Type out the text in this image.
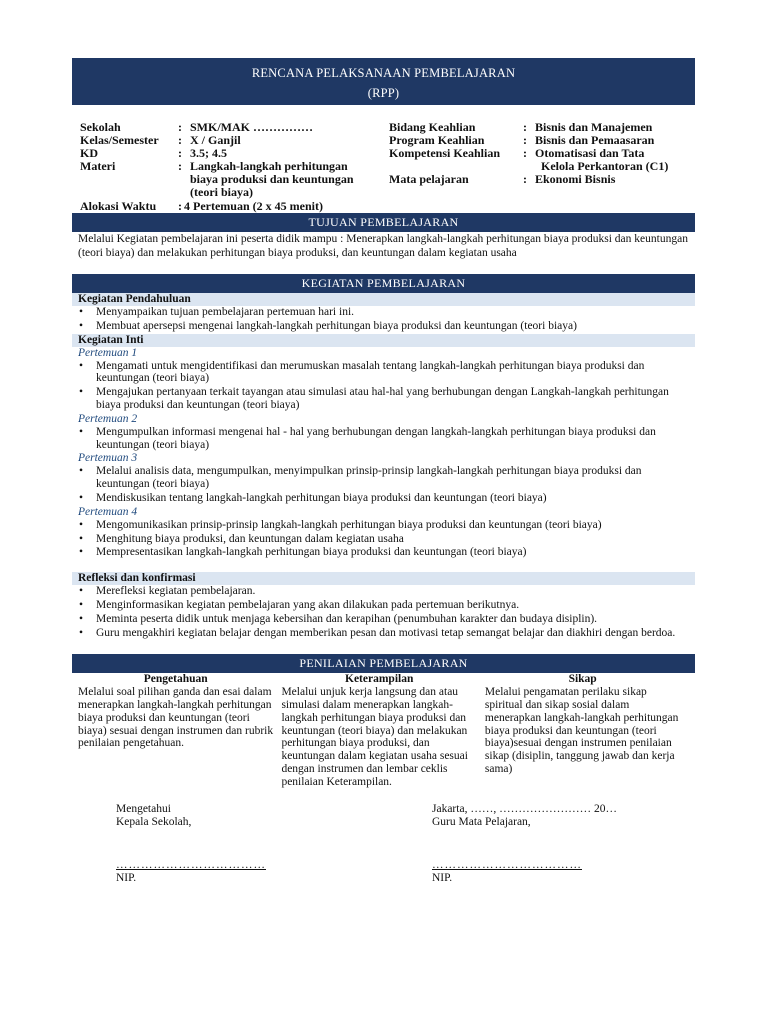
RENCANA PELAKSANAAN PEMBELAJARAN
(RPP)
Sekolah	: SMK/MAK ……………
Kelas/Semester : X / Ganjil
KD	: 3.5; 4.5
Materi	: Langkah-langkah perhitungan
biaya produksi dan keuntungan
(teori biaya)
Alokasi Waktu : 4 Pertemuan (2 x 45 menit)
Bidang Keahlian	: Bisnis dan Manajemen
Program Keahlian	: Bisnis dan Pemaasaran
Kompetensi Keahlian : Otomatisasi dan Tata
Kelola Perkantoran (C1)
Mata pelajaran	: Ekonomi Bisnis
TUJUAN PEMBELAJARAN
Melalui Kegiatan pembelajaran ini peserta didik mampu : Menerapkan langkah-langkah perhitungan biaya produksi dan keuntungan (teori biaya) dan melakukan perhitungan biaya produksi, dan keuntungan dalam kegiatan usaha
KEGIATAN PEMBELAJARAN
Kegiatan Pendahuluan
• Menyampaikan tujuan pembelajaran pertemuan hari ini.
• Membuat apersepsi mengenai langkah-langkah perhitungan biaya produksi dan keuntungan (teori biaya)
Kegiatan Inti
Pertemuan 1
• Mengamati untuk mengidentifikasi dan merumuskan masalah tentang langkah-langkah perhitungan biaya produksi dan keuntungan (teori biaya)
• Mengajukan pertanyaan terkait tayangan atau simulasi atau hal-hal yang berhubungan dengan Langkah-langkah perhitungan biaya produksi dan keuntungan (teori biaya)
Pertemuan 2
• Mengumpulkan informasi mengenai hal - hal yang berhubungan dengan langkah-langkah perhitungan biaya produksi dan keuntungan (teori biaya)
Pertemuan 3
• Melalui analisis data, mengumpulkan, menyimpulkan prinsip-prinsip langkah-langkah perhitungan biaya produksi dan keuntungan (teori biaya)
• Mendiskusikan tentang langkah-langkah perhitungan biaya produksi dan keuntungan (teori biaya)
Pertemuan 4
• Mengomunikasikan prinsip-prinsip langkah-langkah perhitungan biaya produksi dan keuntungan (teori biaya)
• Menghitung biaya produksi, dan keuntungan dalam kegiatan usaha
• Mempresentasikan langkah-langkah perhitungan biaya produksi dan keuntungan (teori biaya)
Refleksi dan konfirmasi
• Merefleksi kegiatan pembelajaran.
• Menginformasikan kegiatan pembelajaran yang akan dilakukan pada pertemuan berikutnya.
• Meminta peserta didik untuk menjaga kebersihan dan kerapihan (penumbuhan karakter dan budaya disiplin).
• Guru mengakhiri kegiatan belajar dengan memberikan pesan dan motivasi tetap semangat belajar dan diakhiri dengan berdoa.
PENILAIAN PEMBELAJARAN
Pengetahuan
Melalui soal pilihan ganda dan esai dalam menerapkan langkah-langkah perhitungan biaya produksi dan keuntungan (teori biaya) sesuai dengan instrumen dan rubrik penilaian pengetahuan.
Keterampilan
Melalui unjuk kerja langsung dan atau simulasi dalam menerapkan langkah-langkah perhitungan biaya produksi dan keuntungan (teori biaya) dan melakukan perhitungan biaya produksi, dan keuntungan dalam kegiatan usaha sesuai dengan instrumen dan lembar ceklis penilaian Keterampilan.
Sikap
Melalui pengamatan perilaku sikap spiritual dan sikap sosial dalam menerapkan langkah-langkah perhitungan biaya produksi dan keuntungan (teori biaya)sesuai dengan instrumen penilaian sikap (disiplin, tanggung jawab dan kerja sama)
Mengetahui
Kepala Sekolah,
………………………………
NIP.
Jakarta, ……, …………………… 20…
Guru Mata Pelajaran,
………………………………
NIP.
